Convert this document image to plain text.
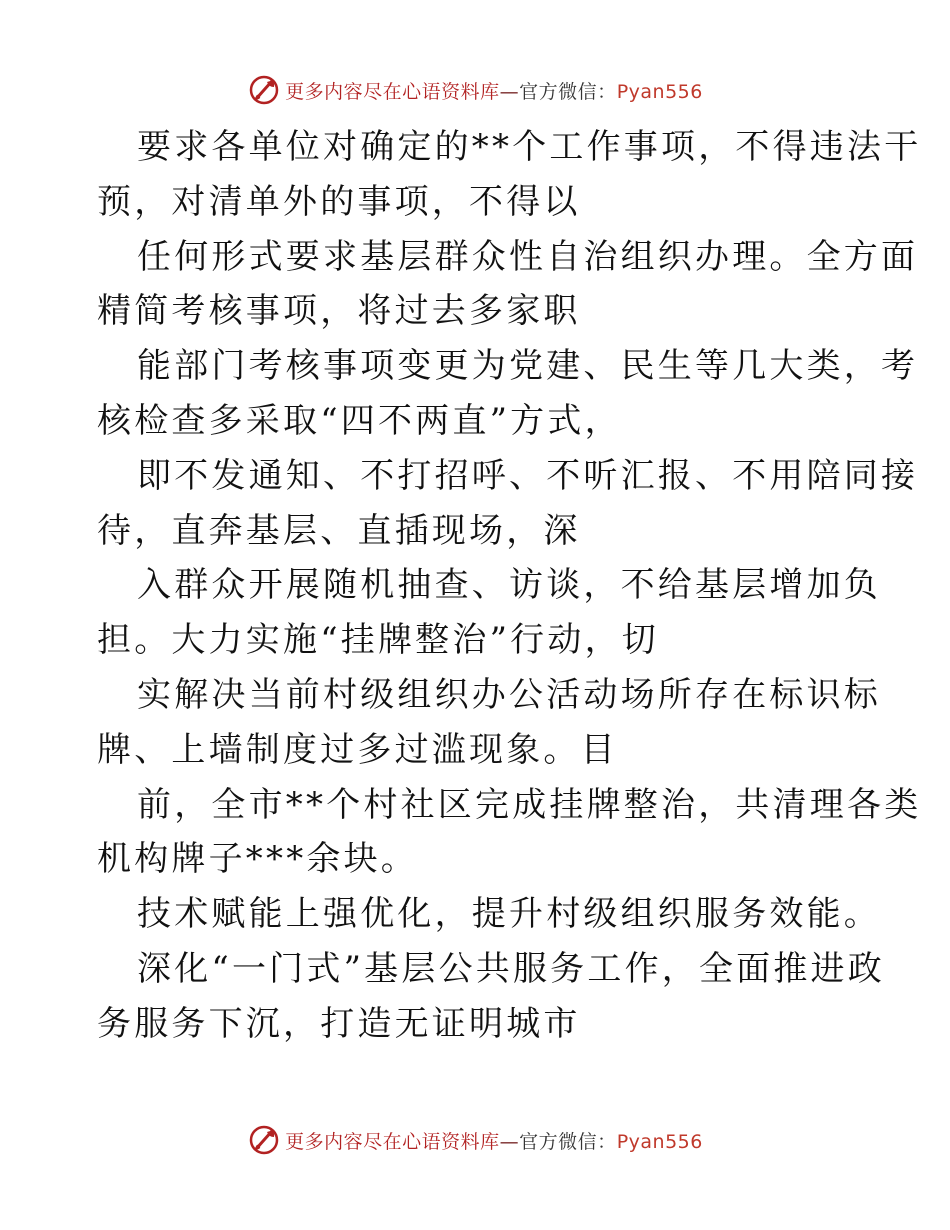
更多内容尽在心语资料库—官方微信：Pyan556
要求各单位对确定的**个工作事项，不得违法干
预，对清单外的事项，不得以
任何形式要求基层群众性自治组织办理。全方面
精简考核事项，将过去多家职
能部门考核事项变更为党建、民生等几大类，考
核检查多采取“四不两直”方式，
即不发通知、不打招呼、不听汇报、不用陪同接
待，直奔基层、直插现场，深
入群众开展随机抽查、访谈，不给基层增加负
担。大力实施“挂牌整治”行动，切
实解决当前村级组织办公活动场所存在标识标
牌、上墙制度过多过滥现象。目
前，全市**个村社区完成挂牌整治，共清理各类
机构牌子***余块。
技术赋能上强优化，提升村级组织服务效能。
深化“一门式”基层公共服务工作，全面推进政
务服务下沉，打造无证明城市
更多内容尽在心语资料库—官方微信：Pyan556
